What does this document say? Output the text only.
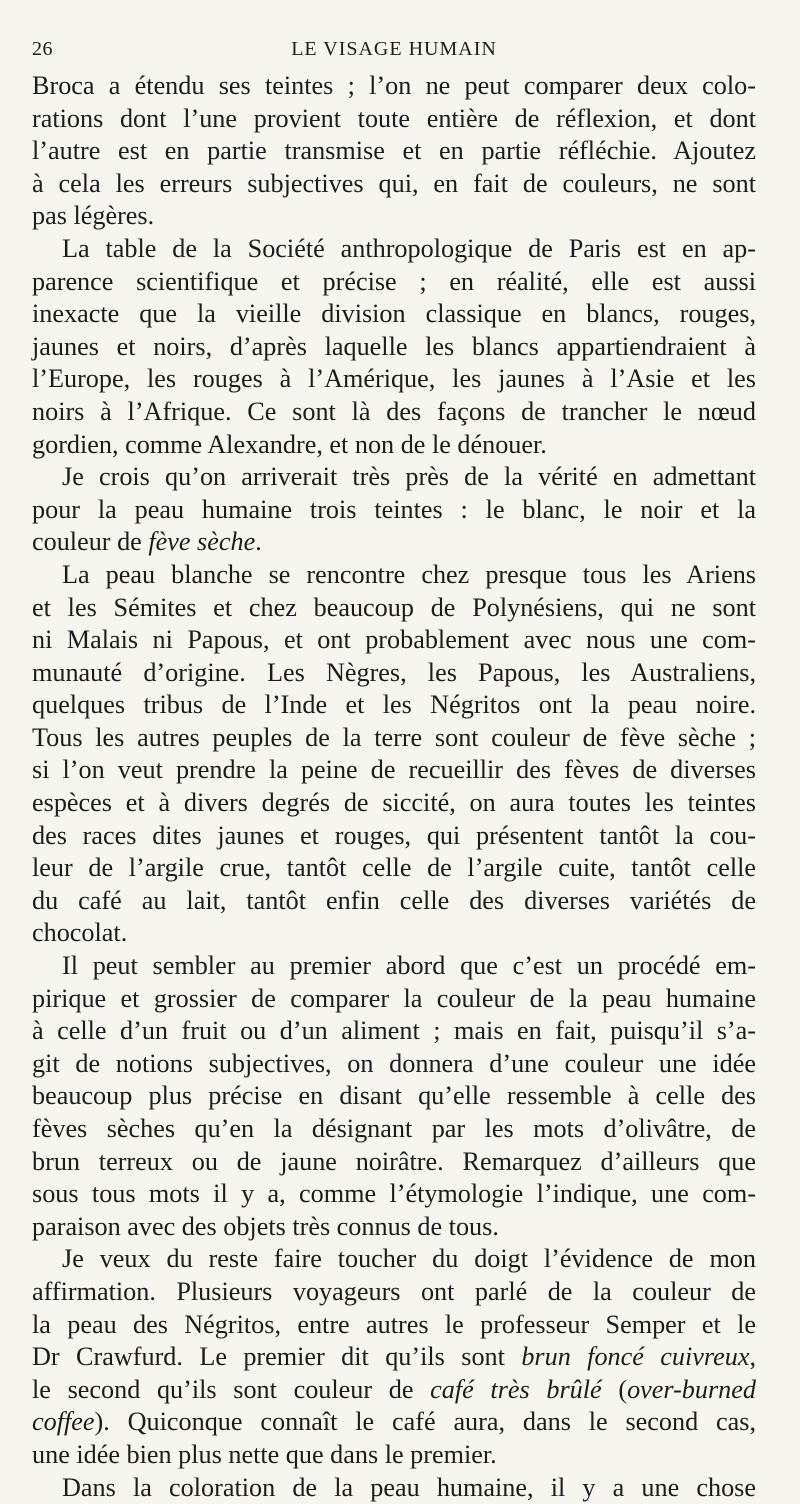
26	LE VISAGE HUMAIN

Broca a étendu ses teintes ; l’on ne peut comparer deux colo-
rations dont l’une provient toute entière de réflexion, et dont
l’autre est en partie transmise et en partie réfléchie. Ajoutez
à cela les erreurs subjectives qui, en fait de couleurs, ne sont
pas légères.

La table de la Société anthropologique de Paris est en ap-
parence scientifique et précise ; en réalité, elle est aussi
inexacte que la vieille division classique en blancs, rouges,
jaunes et noirs, d’après laquelle les blancs appartiendraient à
l’Europe, les rouges à l’Amérique, les jaunes à l’Asie et les
noirs à l’Afrique. Ce sont là des façons de trancher le nœud
gordien, comme Alexandre, et non de le dénouer.

Je crois qu’on arriverait très près de la vérité en admettant
pour la peau humaine trois teintes : le blanc, le noir et la
couleur de fève sèche.

La peau blanche se rencontre chez presque tous les Ariens
et les Sémites et chez beaucoup de Polynésiens, qui ne sont
ni Malais ni Papous, et ont probablement avec nous une com-
munauté d’origine. Les Nègres, les Papous, les Australiens,
quelques tribus de l’Inde et les Négritos ont la peau noire.
Tous les autres peuples de la terre sont couleur de fève sèche ;
si l’on veut prendre la peine de recueillir des fèves de diverses
espèces et à divers degrés de siccité, on aura toutes les teintes
des races dites jaunes et rouges, qui présentent tantôt la cou-
leur de l’argile crue, tantôt celle de l’argile cuite, tantôt celle
du café au lait, tantôt enfin celle des diverses variétés de
chocolat.

Il peut sembler au premier abord que c’est un procédé em-
pirique et grossier de comparer la couleur de la peau humaine
à celle d’un fruit ou d’un aliment ; mais en fait, puisqu’il s’a-
git de notions subjectives, on donnera d’une couleur une idée
beaucoup plus précise en disant qu’elle ressemble à celle des
fèves sèches qu’en la désignant par les mots d’olivâtre, de
brun terreux ou de jaune noirâtre. Remarquez d’ailleurs que
sous tous mots il y a, comme l’étymologie l’indique, une com-
paraison avec des objets très connus de tous.

Je veux du reste faire toucher du doigt l’évidence de mon
affirmation. Plusieurs voyageurs ont parlé de la couleur de
la peau des Négritos, entre autres le professeur Semper et le
Dr Crawfurd. Le premier dit qu’ils sont brun foncé cuivreux,
le second qu’ils sont couleur de café très brûlé (over-burned
coffee). Quiconque connaît le café aura, dans le second cas,
une idée bien plus nette que dans le premier.

Dans la coloration de la peau humaine, il y a une chose
